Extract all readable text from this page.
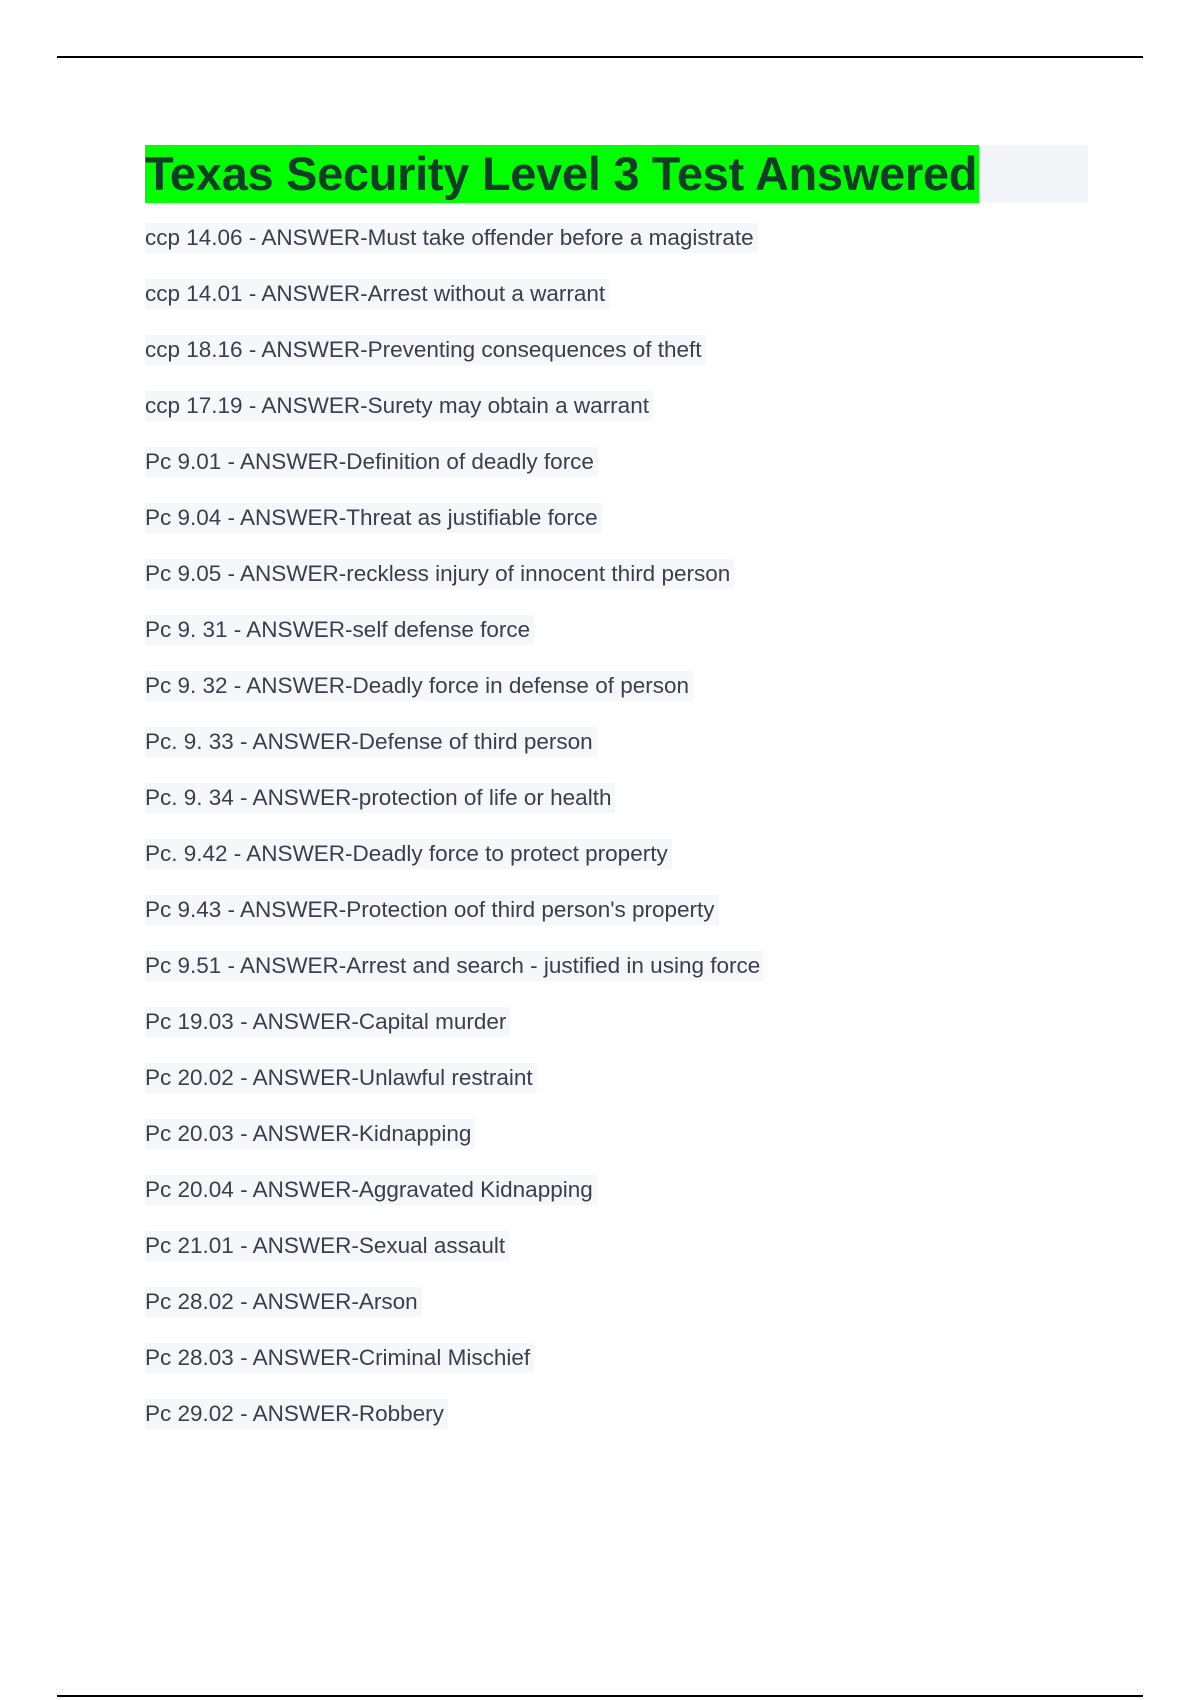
Texas Security Level 3 Test Answered
ccp 14.06 - ANSWER-Must take offender before a magistrate
ccp 14.01 - ANSWER-Arrest without a warrant
ccp 18.16 - ANSWER-Preventing consequences of theft
ccp 17.19 - ANSWER-Surety may obtain a warrant
Pc 9.01 - ANSWER-Definition of deadly force
Pc 9.04 - ANSWER-Threat as justifiable force
Pc 9.05 - ANSWER-reckless injury of innocent third person
Pc 9. 31 - ANSWER-self defense force
Pc 9. 32 - ANSWER-Deadly force in defense of person
Pc. 9. 33 - ANSWER-Defense of third person
Pc. 9. 34 - ANSWER-protection of life or health
Pc. 9.42 - ANSWER-Deadly force to protect property
Pc 9.43 - ANSWER-Protection oof third person's property
Pc 9.51 - ANSWER-Arrest and search - justified in using force
Pc 19.03 - ANSWER-Capital murder
Pc 20.02 - ANSWER-Unlawful restraint
Pc 20.03 - ANSWER-Kidnapping
Pc 20.04 - ANSWER-Aggravated Kidnapping
Pc 21.01 - ANSWER-Sexual assault
Pc 28.02 - ANSWER-Arson
Pc 28.03 - ANSWER-Criminal Mischief
Pc 29.02 - ANSWER-Robbery
